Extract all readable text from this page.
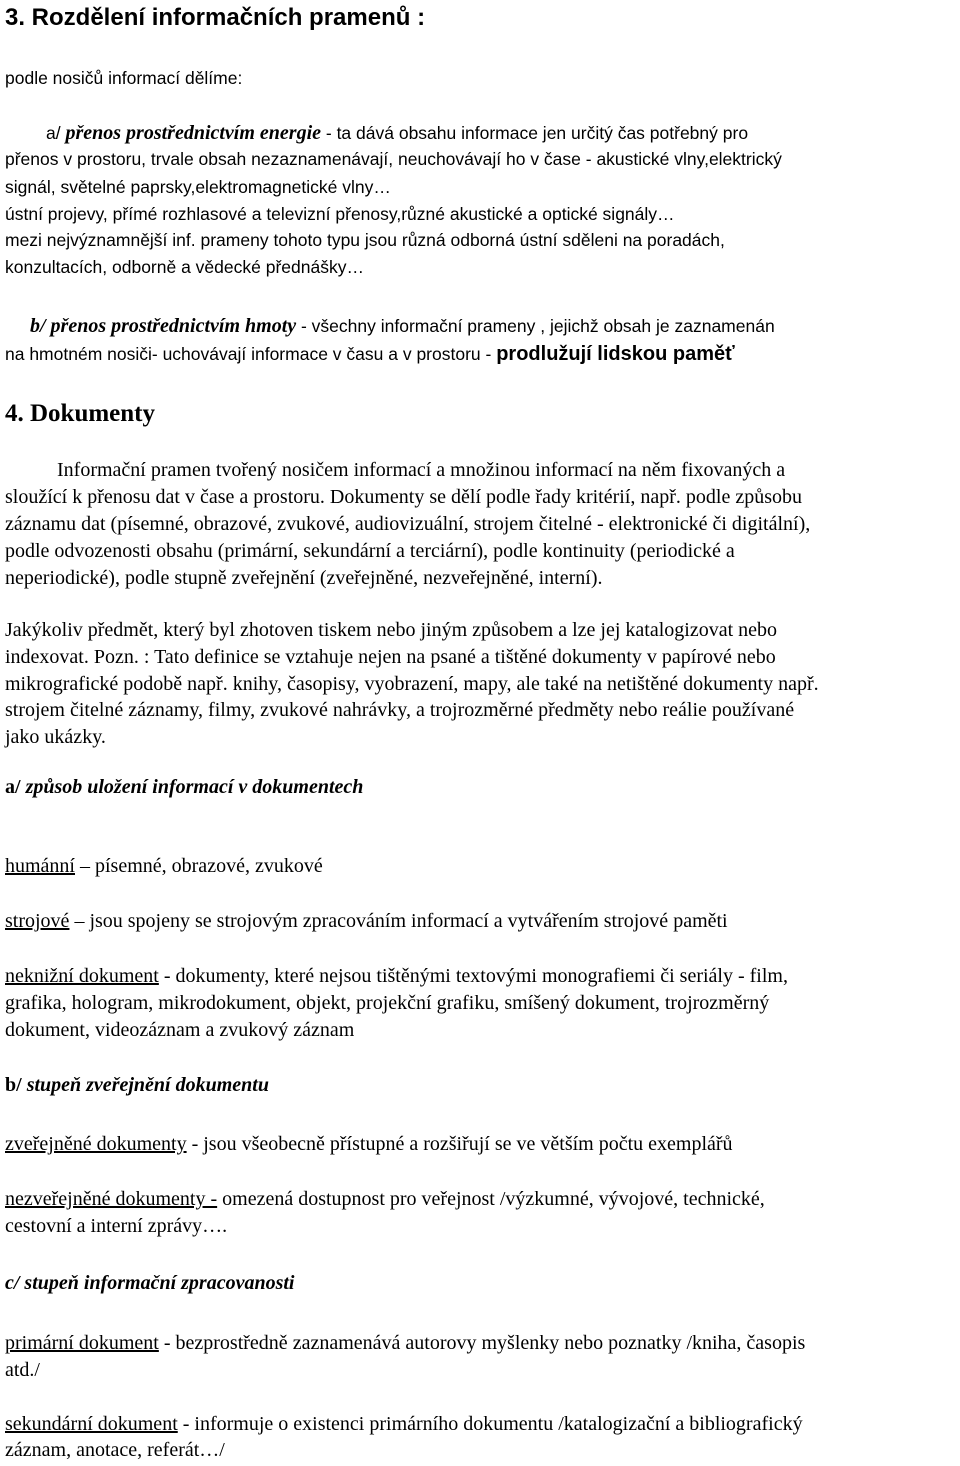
3. Rozdělení informačních pramenů :
podle nosičů informací dělíme:
a/ přenos prostřednictvím energie - ta dává obsahu informace jen určitý čas potřebný pro
přenos v prostoru, trvale obsah nezaznamenávají, neuchovávají ho v čase - akustické vlny,elektrický
signál, světelné paprsky,elektromagnetické vlny…
ústní projevy, přímé rozhlasové a televizní přenosy,různé akustické a optické signály…
mezi nejvýznamnější inf. prameny tohoto typu jsou různá odborná ústní sděleni na poradách,
konzultacích, odborně a vědecké přednášky…
b/ přenos prostřednictvím hmoty - všechny informační prameny , jejichž obsah je zaznamenán
na hmotném nosiči- uchovávají informace v času a v prostoru - prodlužují lidskou paměť
4. Dokumenty
Informační pramen tvořený nosičem informací a množinou informací na něm fixovaných a
sloužící k přenosu dat v čase a prostoru. Dokumenty se dělí podle řady kritérií, např. podle způsobu
záznamu dat (písemné, obrazové, zvukové, audiovizuální, strojem čitelné - elektronické či digitální),
podle odvozenosti obsahu (primární, sekundární a terciární), podle kontinuity (periodické a
neperiodické), podle stupně zveřejnění (zveřejněné, nezveřejněné, interní).
Jakýkoliv předmět, který byl zhotoven tiskem nebo jiným způsobem a lze jej katalogizovat nebo
indexovat. Pozn. : Tato definice se vztahuje nejen na psané a tištěné dokumenty v papírové nebo
mikrografické podobě např. knihy, časopisy, vyobrazení, mapy, ale také na netištěné dokumenty např.
strojem čitelné záznamy, filmy, zvukové nahrávky, a trojrozměrné předměty nebo reálie používané
jako ukázky.
a/ způsob uložení informací v dokumentech
humánní – písemné, obrazové, zvukové
strojové – jsou spojeny se strojovým zpracováním informací a vytvářením strojové paměti
neknižní dokument - dokumenty, které nejsou tištěnými textovými monografiemi či seriály - film,
grafika, hologram, mikrodokument, objekt, projekční grafiku, smíšený dokument, trojrozměrný
dokument, videozáznam a zvukový záznam
b/ stupeň zveřejnění dokumentu
zveřejněné dokumenty - jsou všeobecně přístupné a rozšiřují se ve větším počtu exemplářů
nezveřejněné dokumenty - omezená dostupnost pro veřejnost /výzkumné, vývojové, technické,
cestovní a interní zprávy….
c/ stupeň informační zpracovanosti
primární dokument - bezprostředně zaznamenává autorovy myšlenky nebo poznatky /kniha, časopis
atd./
sekundární dokument - informuje o existenci primárního dokumentu /katalogizační a bibliografický
záznam, anotace, referát…/
